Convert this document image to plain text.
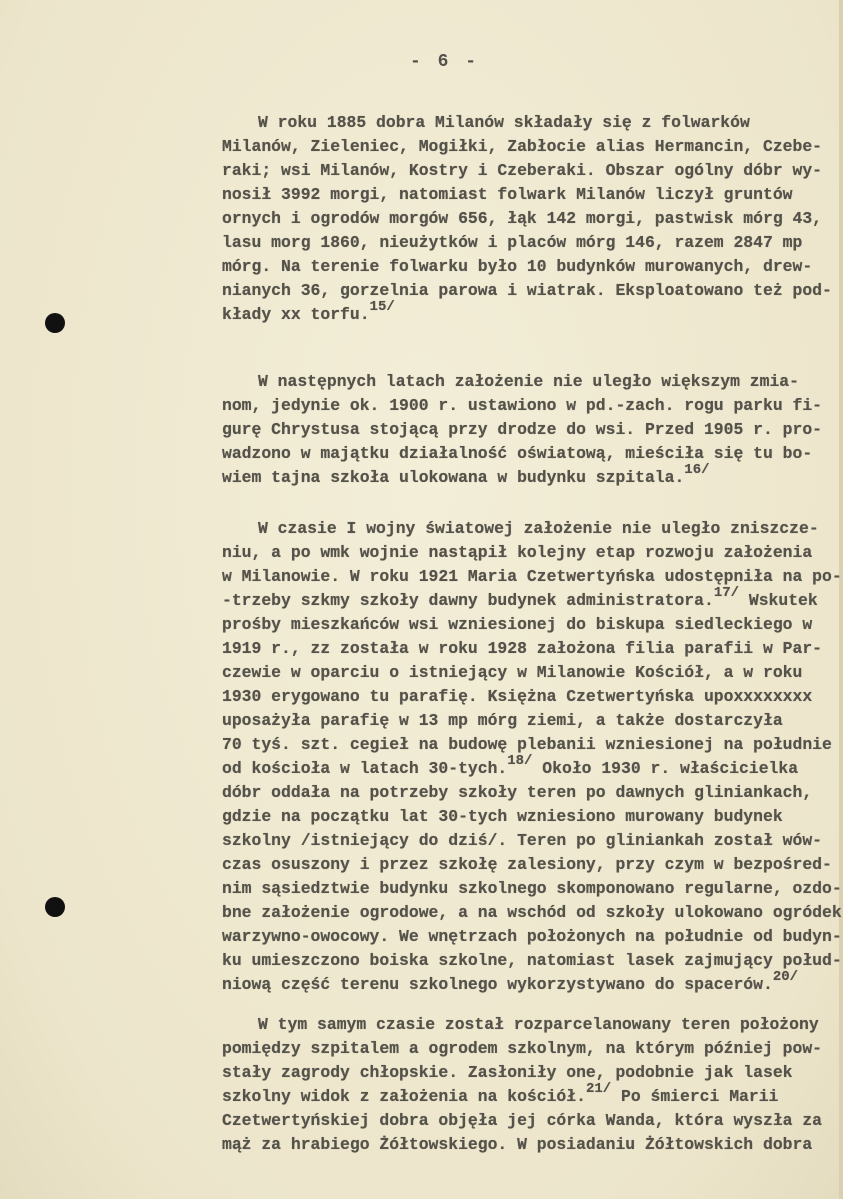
- 6 -
W roku 1885 dobra Milanów składały się z folwarków
Milanów, Zieleniec, Mogiłki, Zabłocie alias Hermancin, Czebe-
raki; wsi Milanów, Kostry i Czeberaki. Obszar ogólny dóbr wy-
nosił 3992 morgi, natomiast folwark Milanów liczył gruntów
ornych i ogrodów morgów 656, łąk 142 morgi, pastwisk mórg 43,
lasu morg 1860, nieużytków i placów mórg 146, razem 2847 mp
mórg. Na terenie folwarku było 10 budynków murowanych, drew-
nianych 36, gorzelnia parowa i wiatrak. Eksploatowano też pod-
kłady xx torfu.15/
W następnych latach założenie nie uległo większym zmia-
nom, jedynie ok. 1900 r. ustawiono w pd.-zach. rogu parku fi-
gurę Chrystusa stojącą przy drodze do wsi. Przed 1905 r. pro-
wadzono w majątku działalność oświatową, mieściła się tu bo-
wiem tajna szkoła ulokowana w budynku szpitala.16/
W czasie I wojny światowej założenie nie uległo zniszcze-
niu, a po wmk wojnie nastąpił kolejny etap rozwoju założenia
w Milanowie. W roku 1921 Maria Czetwertyńska udostępniła na po-
-trzeby szkmy szkoły dawny budynek administratora.17/ Wskutek
prośby mieszkańców wsi wzniesionej do biskupa siedleckiego w
1919 r., zz została w roku 1928 założona filia parafii w Par-
czewie w oparciu o istniejący w Milanowie Kościół, a w roku
1930 erygowano tu parafię. Księżna Czetwertyńska upoxxxxxxxx
uposażyła parafię w 13 mp mórg ziemi, a także dostarczyła
70 tyś. szt. cegieł na budowę plebanii wzniesionej na południe
od kościoła w latach 30-tych.18/ Około 1930 r. właścicielka
dóbr oddała na potrzeby szkoły teren po dawnych gliniankach,
gdzie na początku lat 30-tych wzniesiono murowany budynek
szkolny /istniejący do dziś/. Teren po gliniankah został wów-
czas osuszony i przez szkołę zalesiony, przy czym w bezpośred-
nim sąsiedztwie budynku szkolnego skomponowano regularne, ozdo-
bne założenie ogrodowe, a na wschód od szkoły ulokowano ogródek
warzywno-owocowy. We wnętrzach położonych na południe od budyn-
ku umieszczono boiska szkolne, natomiast lasek zajmujący połud-
niową część terenu szkolnego wykorzystywano do spacerów.20/
W tym samym czasie został rozparcelanowany teren położony
pomiędzy szpitalem a ogrodem szkolnym, na którym później pow-
stały zagrody chłopskie. Zasłoniły one, podobnie jak lasek
szkolny widok z założenia na kościół.21/ Po śmierci Marii
Czetwertyńskiej dobra objęła jej córka Wanda, która wyszła za
mąż za hrabiego Żółtowskiego. W posiadaniu Żółtowskich dobra
